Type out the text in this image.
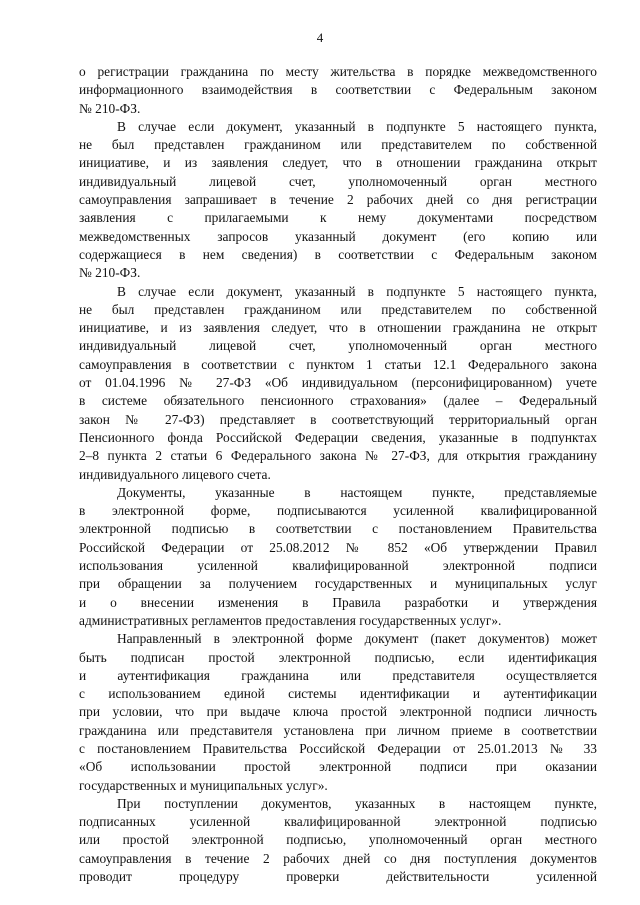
4
о регистрации гражданина по месту жительства в порядке межведомственного
информационного взаимодействия в соответствии с Федеральным законом
№ 210-ФЗ.
В случае если документ, указанный в подпункте 5 настоящего пункта,
не был представлен гражданином или представителем по собственной
инициативе, и из заявления следует, что в отношении гражданина открыт
индивидуальный лицевой счет, уполномоченный орган местного
самоуправления запрашивает в течение 2 рабочих дней со дня регистрации
заявления с прилагаемыми к нему документами посредством
межведомственных запросов указанный документ (его копию или
содержащиеся в нем сведения) в соответствии с Федеральным законом
№ 210-ФЗ.
В случае если документ, указанный в подпункте 5 настоящего пункта,
не был представлен гражданином или представителем по собственной
инициативе, и из заявления следует, что в отношении гражданина не открыт
индивидуальный лицевой счет, уполномоченный орган местного
самоуправления в соответствии с пунктом 1 статьи 12.1 Федерального закона
от 01.04.1996 № 27-ФЗ «Об индивидуальном (персонифицированном) учете
в системе обязательного пенсионного страхования» (далее – Федеральный
закон № 27-ФЗ) представляет в соответствующий территориальный орган
Пенсионного фонда Российской Федерации сведения, указанные в подпунктах
2–8 пункта 2 статьи 6 Федерального закона № 27-ФЗ, для открытия гражданину
индивидуального лицевого счета.
Документы, указанные в настоящем пункте, представляемые
в электронной форме, подписываются усиленной квалифицированной
электронной подписью в соответствии с постановлением Правительства
Российской Федерации от 25.08.2012 № 852 «Об утверждении Правил
использования усиленной квалифицированной электронной подписи
при обращении за получением государственных и муниципальных услуг
и о внесении изменения в Правила разработки и утверждения
административных регламентов предоставления государственных услуг».
Направленный в электронной форме документ (пакет документов) может
быть подписан простой электронной подписью, если идентификация
и аутентификация гражданина или представителя осуществляется
с использованием единой системы идентификации и аутентификации
при условии, что при выдаче ключа простой электронной подписи личность
гражданина или представителя установлена при личном приеме в соответствии
с постановлением Правительства Российской Федерации от 25.01.2013 № 33
«Об использовании простой электронной подписи при оказании
государственных и муниципальных услуг».
При поступлении документов, указанных в настоящем пункте,
подписанных усиленной квалифицированной электронной подписью
или простой электронной подписью, уполномоченный орган местного
самоуправления в течение 2 рабочих дней со дня поступления документов
проводит процедуру проверки действительности усиленной
